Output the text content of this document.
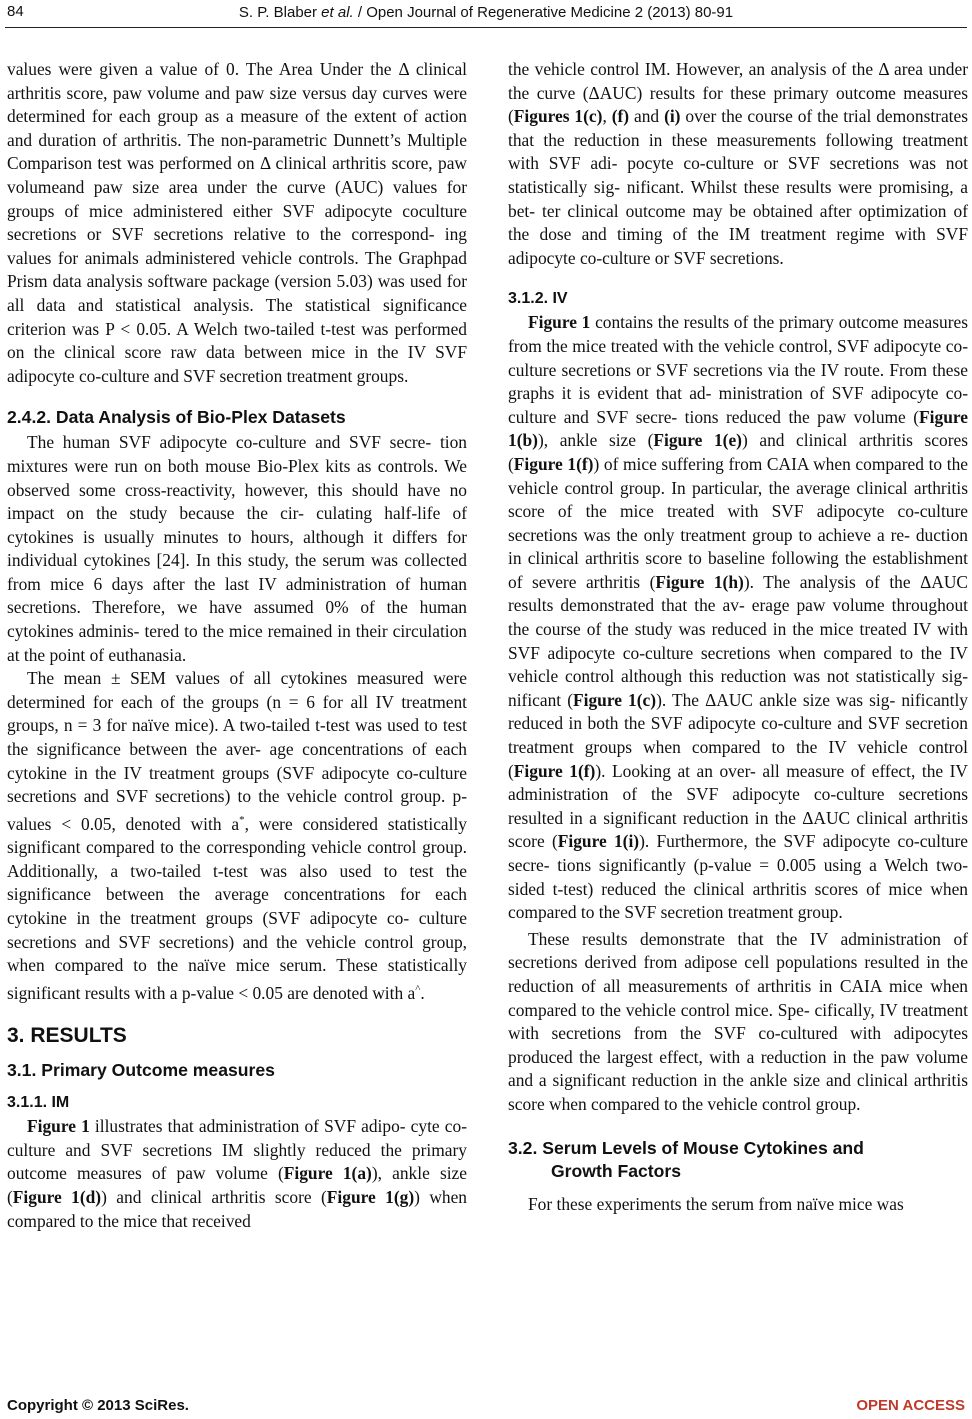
84	S. P. Blaber et al. / Open Journal of Regenerative Medicine 2 (2013) 80-91

values were given a value of 0. The Area Under the Δ clinical arthritis score, paw volume and paw size versus day curves were determined for each group as a measure of the extent of action and duration of arthritis. The non-parametric Dunnett’s Multiple Comparison test was performed on Δ clinical arthritis score, paw volumeand paw size area under the curve (AUC) values for groups of mice administered either SVF adipocyte coculture secretions or SVF secretions relative to the correspond- ing values for animals administered vehicle controls. The Graphpad Prism data analysis software package (version 5.03) was used for all data and statistical analysis. The statistical significance criterion was P < 0.05. A Welch two-tailed t-test was performed on the clinical score raw data between mice in the IV SVF adipocyte co-culture and SVF secretion treatment groups.

2.4.2. Data Analysis of Bio-Plex Datasets

The human SVF adipocyte co-culture and SVF secre- tion mixtures were run on both mouse Bio-Plex kits as controls. We observed some cross-reactivity, however, this should have no impact on the study because the cir- culating half-life of cytokines is usually minutes to hours, although it differs for individual cytokines [24]. In this study, the serum was collected from mice 6 days after the last IV administration of human secretions. Therefore, we have assumed 0% of the human cytokines adminis- tered to the mice remained in their circulation at the point of euthanasia.

The mean ± SEM values of all cytokines measured were determined for each of the groups (n = 6 for all IV treatment groups, n = 3 for naïve mice). A two-tailed t-test was used to test the significance between the aver- age concentrations of each cytokine in the IV treatment groups (SVF adipocyte co-culture secretions and SVF secretions) to the vehicle control group. p-values < 0.05, denoted with a*, were considered statistically significant compared to the corresponding vehicle control group. Additionally, a two-tailed t-test was also used to test the significance between the average concentrations for each cytokine in the treatment groups (SVF adipocyte co- culture secretions and SVF secretions) and the vehicle control group, when compared to the naïve mice serum. These statistically significant results with a p-value < 0.05 are denoted with a^.

3. RESULTS
3.1. Primary Outcome measures
3.1.1. IM

Figure 1 illustrates that administration of SVF adipo- cyte co-culture and SVF secretions IM slightly reduced the primary outcome measures of paw volume (Figure 1(a)), ankle size (Figure 1(d)) and clinical arthritis score (Figure 1(g)) when compared to the mice that received

the vehicle control IM. However, an analysis of the Δ area under the curve (ΔAUC) results for these primary outcome measures (Figures 1(c), (f) and (i) over the course of the trial demonstrates that the reduction in these measurements following treatment with SVF adi- pocyte co-culture or SVF secretions was not statistically sig- nificant. Whilst these results were promising, a bet- ter clinical outcome may be obtained after optimization of the dose and timing of the IM treatment regime with SVF adipocyte co-culture or SVF secretions.

3.1.2. IV

Figure 1 contains the results of the primary outcome measures from the mice treated with the vehicle control, SVF adipocyte co-culture secretions or SVF secretions via the IV route. From these graphs it is evident that ad- ministration of SVF adipocyte co-culture and SVF secre- tions reduced the paw volume (Figure 1(b)), ankle size (Figure 1(e)) and clinical arthritis scores (Figure 1(f)) of mice suffering from CAIA when compared to the vehicle control group. In particular, the average clinical arthritis score of the mice treated with SVF adipocyte co-culture secretions was the only treatment group to achieve a re- duction in clinical arthritis score to baseline following the establishment of severe arthritis (Figure 1(h)). The analysis of the ΔAUC results demonstrated that the av- erage paw volume throughout the course of the study was reduced in the mice treated IV with SVF adipocyte co-culture secretions when compared to the IV vehicle control although this reduction was not statistically sig- nificant (Figure 1(c)). The ΔAUC ankle size was sig- nificantly reduced in both the SVF adipocyte co-culture and SVF secretion treatment groups when compared to the IV vehicle control (Figure 1(f)). Looking at an over- all measure of effect, the IV administration of the SVF adipocyte co-culture secretions resulted in a significant reduction in the ΔAUC clinical arthritis score (Figure 1(i)). Furthermore, the SVF adipocyte co-culture secre- tions significantly (p-value = 0.005 using a Welch two- sided t-test) reduced the clinical arthritis scores of mice when compared to the SVF secretion treatment group.

These results demonstrate that the IV administration of secretions derived from adipose cell populations resulted in the reduction of all measurements of arthritis in CAIA mice when compared to the vehicle control mice. Spe- cifically, IV treatment with secretions from the SVF co-cultured with adipocytes produced the largest effect, with a reduction in the paw volume and a significant reduction in the ankle size and clinical arthritis score when compared to the vehicle control group.

3.2. Serum Levels of Mouse Cytokines and
Growth Factors

For these experiments the serum from naïve mice was

Copyright © 2013 SciRes.	OPEN ACCESS
